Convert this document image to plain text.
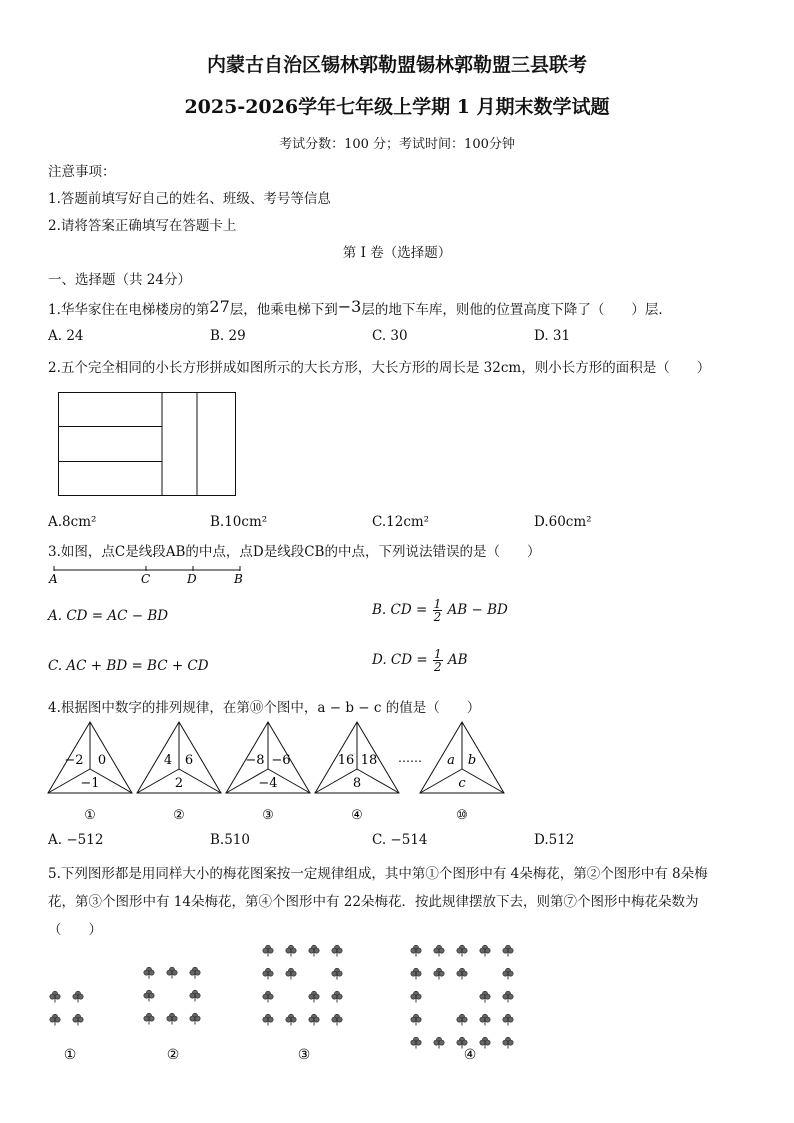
内蒙古自治区锡林郭勒盟锡林郭勒盟三县联考
2025-2026学年七年级上学期 1 月期末数学试题
考试分数：100 分；考试时间：100分钟
注意事项：
1.答题前填写好自己的姓名、班级、考号等信息
2.请将答案正确填写在答题卡上
第 I 卷（选择题）
一、选择题（共 24分）
1.华华家住在电梯楼房的第27层，他乘电梯下到−3层的地下车库，则他的位置高度下降了（　　）层．
A. 24	B. 29	C. 30	D. 31
2.五个完全相同的小长方形拼成如图所示的大长方形，大长方形的周长是 32cm，则小长方形的面积是（　　）
A.8cm²	B.10cm²	C.12cm²	D.60cm²
3.如图，点C是线段AB的中点，点D是线段CB的中点，下列说法错误的是（　　）
A	C	D	B
A. CD = AC − BD	B. CD = $\frac{1}{2}$ AB − BD
C. AC + BD = BC + CD	D. CD = $\frac{1}{2}$ AB
4.根据图中数字的排列规律，在第⑩个图中，a − b − c 的值是（　　）
−2 0
−1
①
4 6
2
②
−8 −6
−4
③
16 18
8
④
…… a b
c
⑩
A. −512	B.510	C. −514	D.512
5.下列图形都是用同样大小的梅花图案按一定规律组成，其中第①个图形中有 4朵梅花，第②个图形中有 8朵梅
花，第③个图形中有 14朵梅花，第④个图形中有 22朵梅花．按此规律摆放下去，则第⑦个图形中梅花朵数为
（　　）
①	②	③	④
